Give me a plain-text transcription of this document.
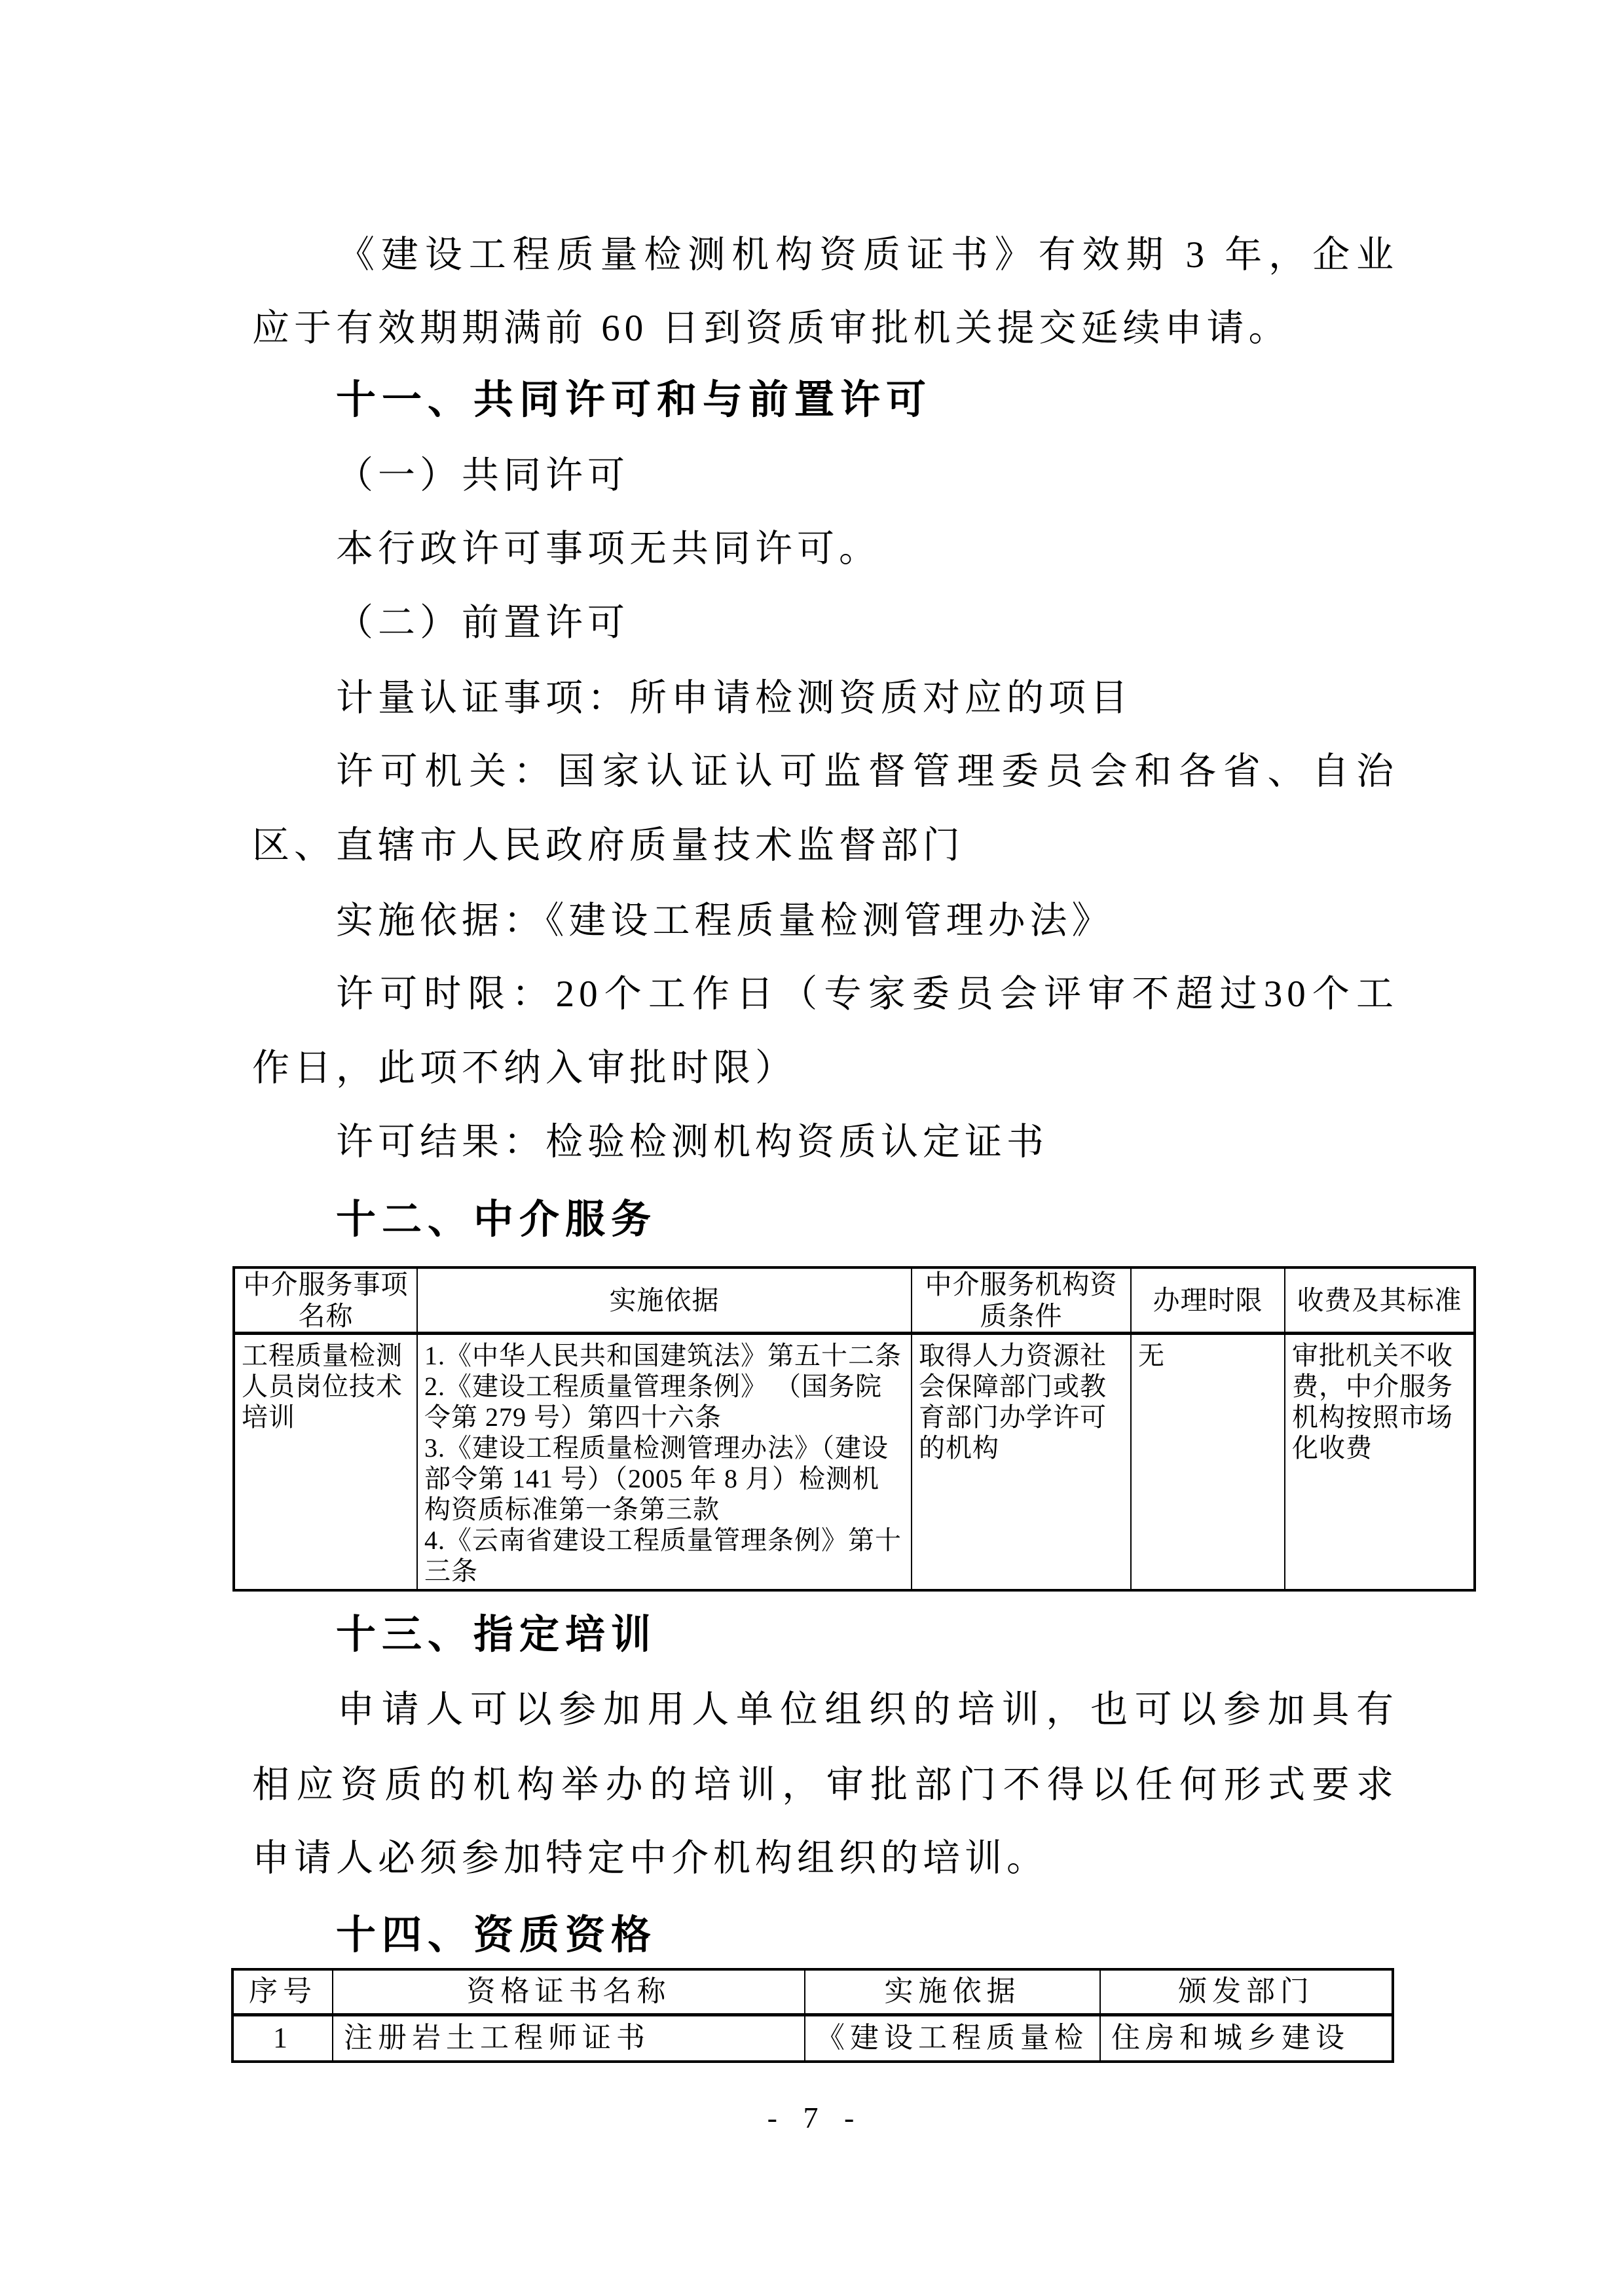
《建设工程质量检测机构资质证书》有效期 3 年，企业
应于有效期期满前 60 日到资质审批机关提交延续申请。
十一、共同许可和与前置许可
（一）共同许可
本行政许可事项无共同许可。
（二）前置许可
计量认证事项：所申请检测资质对应的项目
许可机关：国家认证认可监督管理委员会和各省、自治
区、直辖市人民政府质量技术监督部门
实施依据：《建设工程质量检测管理办法》
许可时限：20个工作日（专家委员会评审不超过30个工
作日，此项不纳入审批时限）
许可结果：检验检测机构资质认定证书
十二、中介服务
中介服务事项名称	实施依据	中介服务机构资质条件	办理时限	收费及其标准
工程质量检测人员岗位技术培训	1.《中华人民共和国建筑法》第五十二条
2.《建设工程质量管理条例》 （国务院令第 279 号）第四十六条
3.《建设工程质量检测管理办法》（建设部令第 141 号）（2005 年 8 月）检测机构资质标准第一条第三款
4.《云南省建设工程质量管理条例》第十三条	取得人力资源社会保障部门或教育部门办学许可的机构	无	审批机关不收费，中介服务机构按照市场化收费
十三、指定培训
申请人可以参加用人单位组织的培训，也可以参加具有
相应资质的机构举办的培训，审批部门不得以任何形式要求
申请人必须参加特定中介机构组织的培训。
十四、资质资格
序号	资格证书名称	实施依据	颁发部门
1	注册岩土工程师证书	《建设工程质量检	住房和城乡建设
- 7 -
